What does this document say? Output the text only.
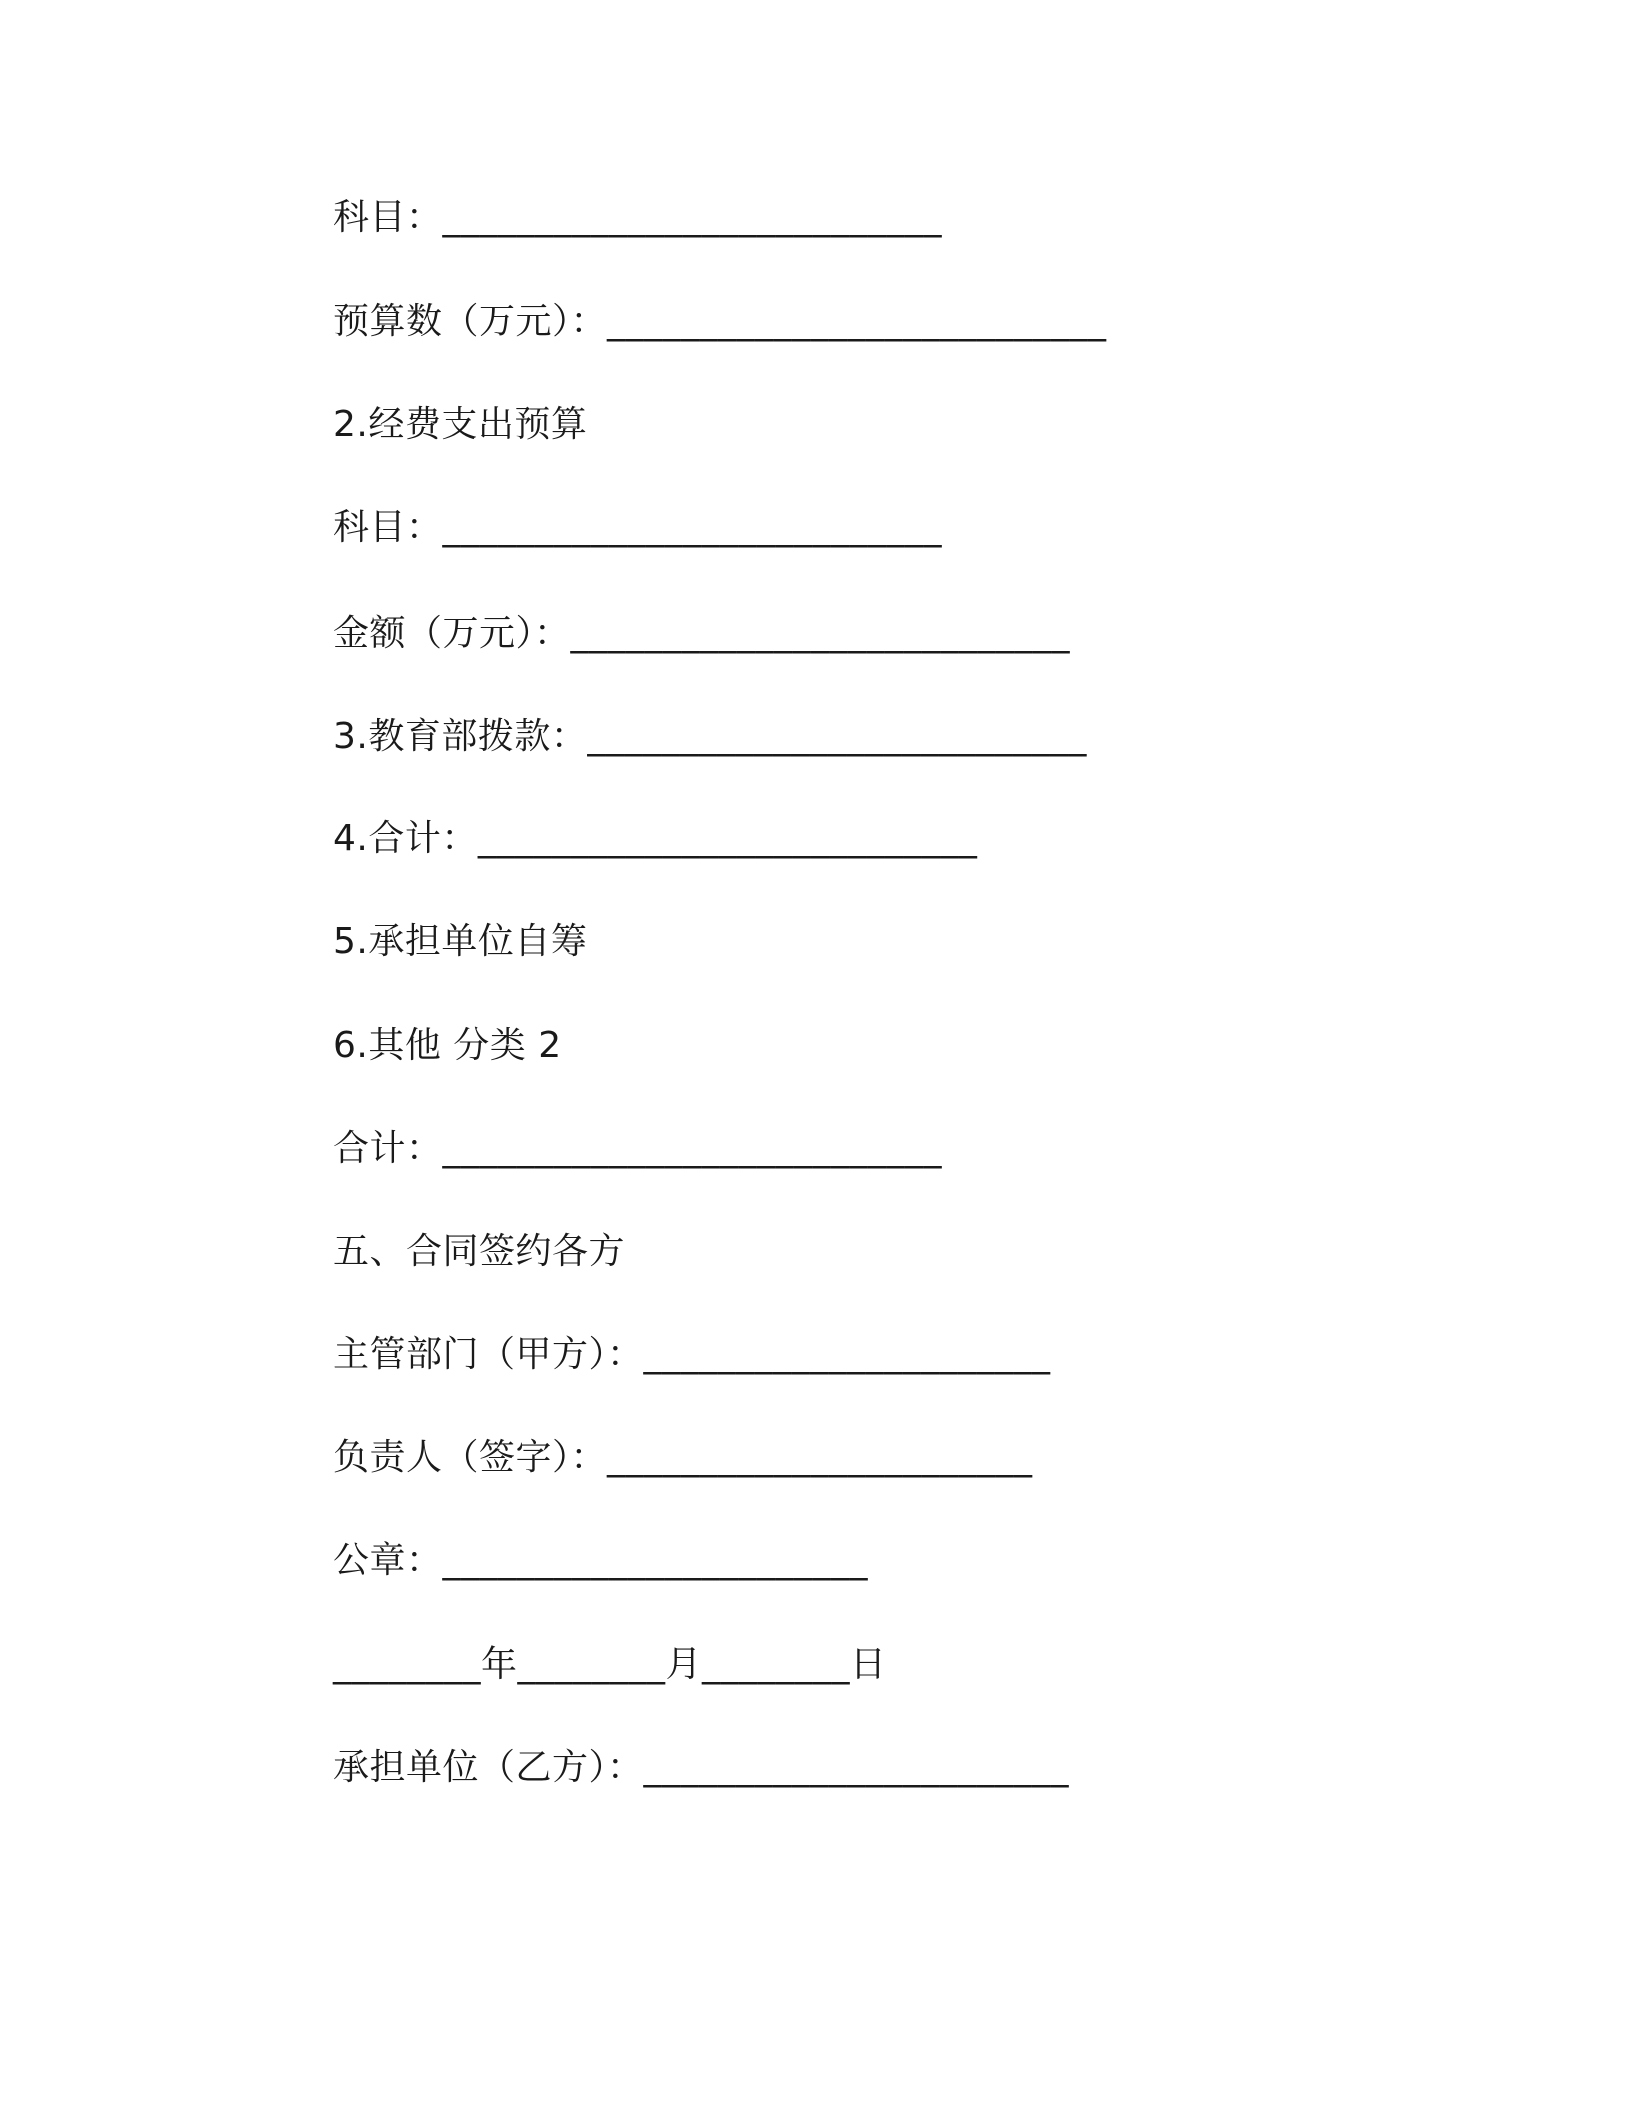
科目：___________________________
预算数（万元）：___________________________
2.经费支出预算
科目：___________________________
金额（万元）：___________________________
3.教育部拨款：___________________________
4.合计：___________________________
5.承担单位自筹
6.其他 分类 2
合计：___________________________
五、合同签约各方
主管部门（甲方）：______________________
负责人（签字）：_______________________
公章：_______________________
________年________月________日
承担单位（乙方）：_______________________
